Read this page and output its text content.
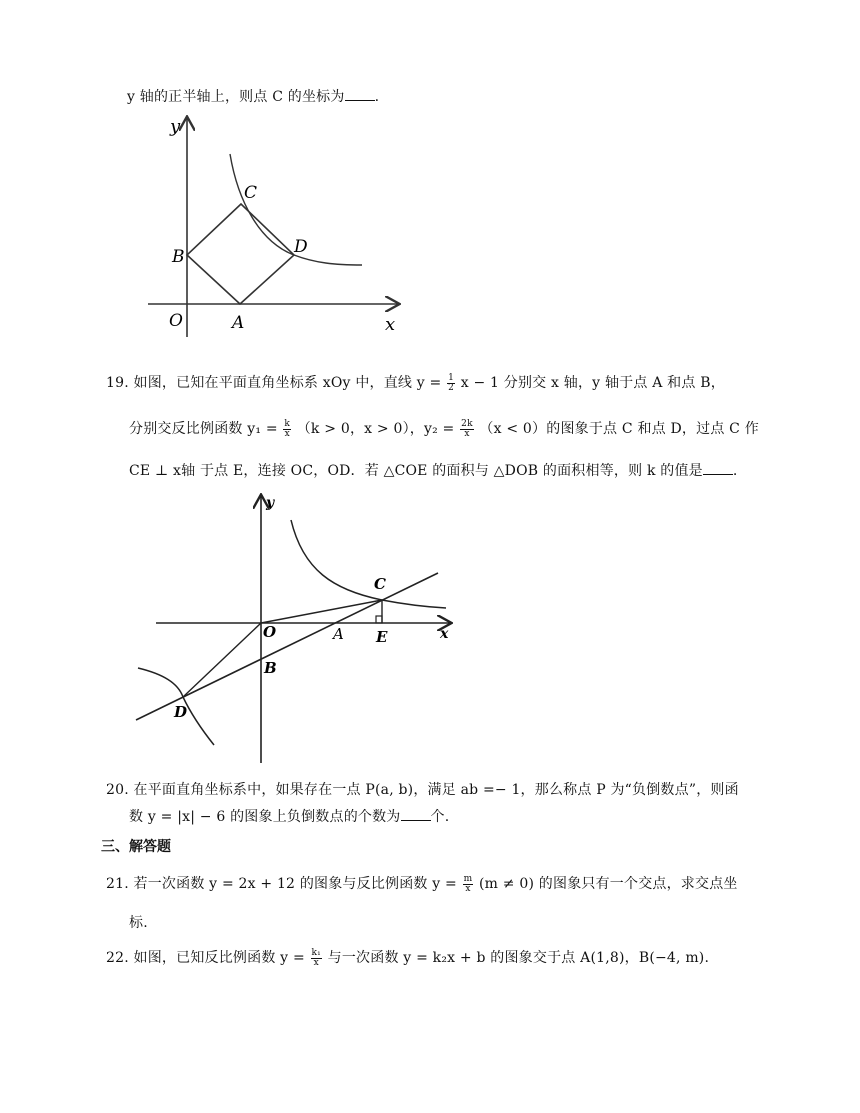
y 轴的正半轴上，则点 C 的坐标为 .
y
x
O	A
B
C
D
19. 如图，已知在平面直角坐标系 xOy 中，直线 $y = \frac{1}{2}$ x − 1 分别交 x 轴，y 轴于点 A 和点 B，
分别交反比例函数 $y_1 = \frac{k}{x} (k > 0$，x > 0），$y_2 = \frac{2k}{x} (x < 0)$的图象于点 C 和点 D，过点 C 作
CE ⊥ x轴 于点 E，连接 OC，OD．若 △COE 的面积与 △DOB 的面积相等，则 k 的值是 .
y
x
O	A
B
C
D
E
20. 在平面直角坐标系中，如果存在一点 P(a, b)，满足 ab =− 1，那么称点 P 为“负倒数点”，则函
数 y = |x| − 6 的图象上负倒数点的个数为 个.
三、解答题
21. 若一次函数 y = 2x + 12 的图象与反比例函数 $y = \frac{m}{x} (m \ne 0)$ 的图象只有一个交点，求交点坐
标.
22. 如图，已知反比例函数 $y = \frac{\text{k₁}}{x}$ 与一次函数 y = k₂x + b 的图象交于点 A(1,8)，B(−4, m).
